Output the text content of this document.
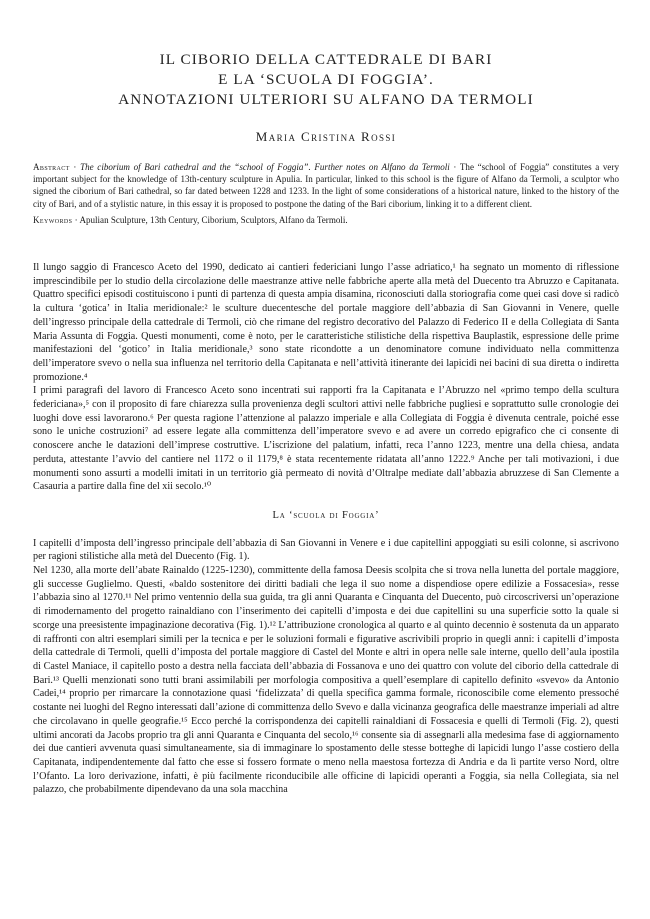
IL CIBORIO DELLA CATTEDRALE DI BARI
E LA ‘SCUOLA DI FOGGIA’.
ANNOTAZIONI ULTERIORI SU ALFANO DA TERMOLI
Maria Cristina Rossi
Abstract · The ciborium of Bari cathedral and the “school of Foggia”. Further notes on Alfano da Termoli · The “school of Foggia” constitutes a very important subject for the knowledge of 13th-century sculpture in Apulia. In particular, linked to this school is the figure of Alfano da Termoli, a sculptor who signed the ciborium of Bari cathedral, so far dated between 1228 and 1233. In the light of some considerations of a historical nature, linked to the history of the city of Bari, and of a stylistic nature, in this essay it is proposed to postpone the dating of the Bari ciborium, linking it to a different client.
Keywords · Apulian Sculpture, 13th Century, Ciborium, Sculptors, Alfano da Termoli.

Il lungo saggio di Francesco Aceto del 1990, dedicato ai cantieri federiciani lungo l’asse adriatico,¹ ha segnato un momento di riflessione imprescindibile per lo studio della circolazione delle maestranze attive nelle fabbriche aperte alla metà del Duecento tra Abruzzo e Capitanata. Quattro specifici episodi costituiscono i punti di partenza di questa ampia disamina, riconosciuti dalla storiografia come quei casi dove si radicò la cultura ‘gotica’ in Italia meridionale:² le sculture duecentesche del portale maggiore dell’abbazia di San Giovanni in Venere, quelle dell’ingresso principale della cattedrale di Termoli, ciò che rimane del registro decorativo del Palazzo di Federico II e della Collegiata di Santa Maria Assunta di Foggia. Questi monumenti, come è noto, per le caratteristiche stilistiche della rispettiva Bauplastik, espressione delle prime manifestazioni del ‘gotico’ in Italia meridionale,³ sono state ricondotte a un denominatore comune individuato nella committenza dell’imperatore svevo o nella sua influenza nel territorio della Capitanata e nell’attività itinerante dei lapicidi nei bacini di sua diretta o indiretta promozione.⁴

I primi paragrafi del lavoro di Francesco Aceto sono incentrati sui rapporti fra la Capitanata e l’Abruzzo nel «primo tempo della scultura federiciana»,⁵ con il proposito di fare chiarezza sulla provenienza degli scultori attivi nelle fabbriche pugliesi e soprattutto sulle cronologie dei luoghi dove essi lavorarono.⁶ Per questa ragione l’attenzione al palazzo imperiale e alla Collegiata di Foggia è divenuta centrale, poiché esse sono le uniche costruzioni⁷ ad essere legate alla committenza dell’imperatore svevo e ad avere un corredo epigrafico che ci consente di conoscere anche le datazioni dell’imprese costruttive. L’iscrizione del palatium, infatti, reca l’anno 1223, mentre una della chiesa, andata perduta, attestante l’avvio del cantiere nel 1172 o il 1179,⁸ è stata recentemente ridatata all’anno 1222.⁹ Anche per tali motivazioni, i due monumenti sono assurti a modelli imitati in un territorio già permeato di novità d’Oltralpe mediate dall’abbazia abruzzese di San Clemente a Casauria a partire dalla fine del xii secolo.¹⁰

La ‘scuola di Foggia’

I capitelli d’imposta dell’ingresso principale dell’abbazia di San Giovanni in Venere e i due capitellini appoggiati su esili colonne, si ascrivono per ragioni stilistiche alla metà del Duecento (Fig. 1).

Nel 1230, alla morte dell’abate Rainaldo (1225-1230), committente della famosa Deesis scolpita che si trova nella lunetta del portale maggiore, gli successe Guglielmo. Questi, «baldo sostenitore dei diritti badiali che lega il suo nome a dispendiose opere edilizie a Fossacesia», resse l’abbazia sino al 1270.¹¹ Nel primo ventennio della sua guida, tra gli anni Quaranta e Cinquanta del Duecento, può circoscriversi un’operazione di rimodernamento del progetto rainaldiano con l’inserimento dei capitelli d’imposta e dei due capitellini su una superficie sotto la quale si scorge una preesistente impaginazione decorativa (Fig. 1).¹² L’attribuzione cronologica al quarto e al quinto decennio è sostenuta da un apparato di raffronti con altri esemplari simili per la tecnica e per le soluzioni formali e figurative ascrivibili proprio in quegli anni: i capitelli d’imposta della cattedrale di Termoli, quelli d’imposta del portale maggiore di Castel del Monte e altri in opera nelle sale interne, quello dell’aula ipostila di Castel Maniace, il capitello posto a destra nella facciata dell’abbazia di Fossanova e uno dei quattro con volute del ciborio della cattedrale di Bari.¹³ Quelli menzionati sono tutti brani assimilabili per morfologia compositiva a quell’esemplare di capitello definito «svevo» da Antonio Cadei,¹⁴ proprio per rimarcare la connotazione quasi ‘fidelizzata’ di quella specifica gamma formale, riconoscibile come elemento pressoché costante nei luoghi del Regno interessati dall’azione di committenza dello Svevo e dalla vicinanza geografica delle maestranze imperiali ad altre che circolavano in quelle geografie.¹⁵ Ecco perché la corrispondenza dei capitelli rainaldiani di Fossacesia e quelli di Termoli (Fig. 2), questi ultimi ancorati da Jacobs proprio tra gli anni Quaranta e Cinquanta del secolo,¹⁶ consente sia di assegnarli alla medesima fase di aggiornamento dei due cantieri avvenuta quasi simultaneamente, sia di immaginare lo spostamento delle stesse botteghe di lapicidi lungo l’asse costiero della Capitanata, indipendentemente dal fatto che esse si fossero formate o meno nella maestosa fortezza di Andria e da lì partite verso Nord, oltre l’Ofanto. La loro derivazione, infatti, è più facilmente riconducibile alle officine di lapicidi operanti a Foggia, sia nella Collegiata, sia nel palazzo, che probabilmente dipendevano da una sola macchina
